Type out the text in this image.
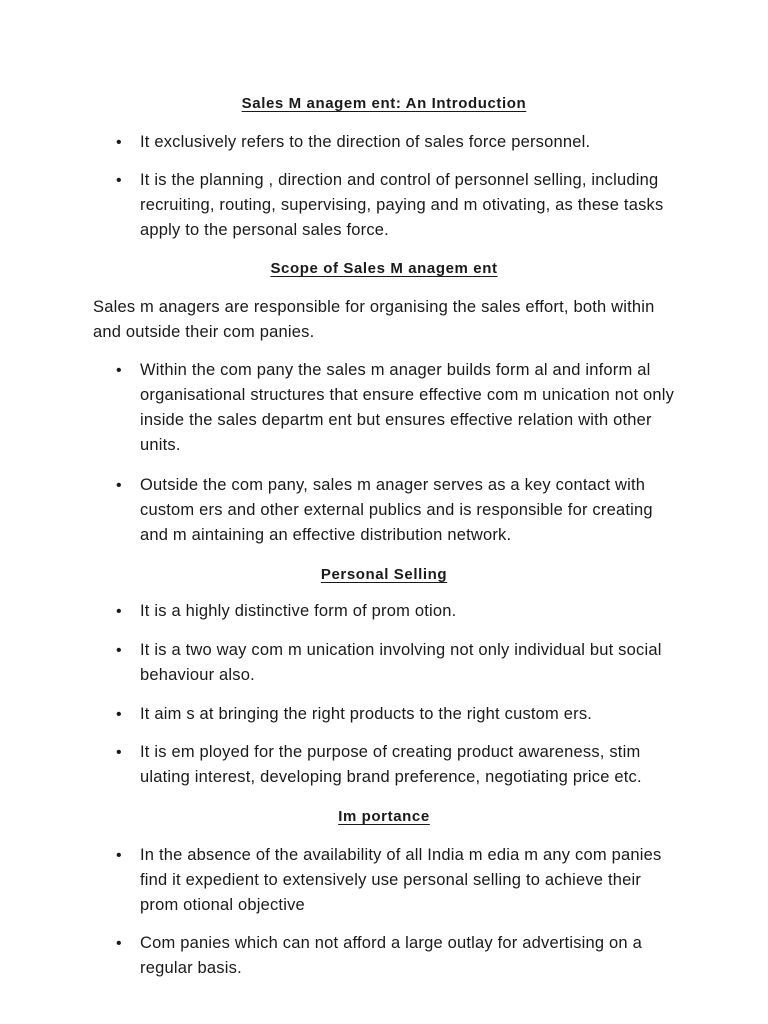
Sales M anagem ent: An Introduction
•	It exclusively refers to the direction of sales force personnel.
•	It is the planning , direction and control of personnel selling, including recruiting, routing, supervising, paying and m otivating, as these tasks apply to the personal sales force.
Scope of Sales M anagem ent
Sales m anagers are responsible for organising the sales effort, both within and outside their com panies.
•	Within the com pany the sales m anager builds form al and inform al organisational structures that ensure effective com m unication not only inside the sales departm ent but ensures effective relation with other units.
•	Outside the com pany, sales m anager serves as a key contact with custom ers and other external publics and is responsible for creating and m aintaining an effective distribution network.
Personal Selling
•	It is a highly distinctive form of prom otion.
•	It is a two way com m unication involving not only individual but social behaviour also.
•	It aim s at bringing the right products to the right custom ers.
•	It is em ployed for the purpose of creating product awareness, stim ulating interest, developing brand preference, negotiating price etc.
Im portance
•	In the absence of the availability of all India m edia m any com panies find it expedient to extensively use personal selling to achieve their prom otional objective
•	Com panies which can not afford a large outlay for advertising on a regular basis.
